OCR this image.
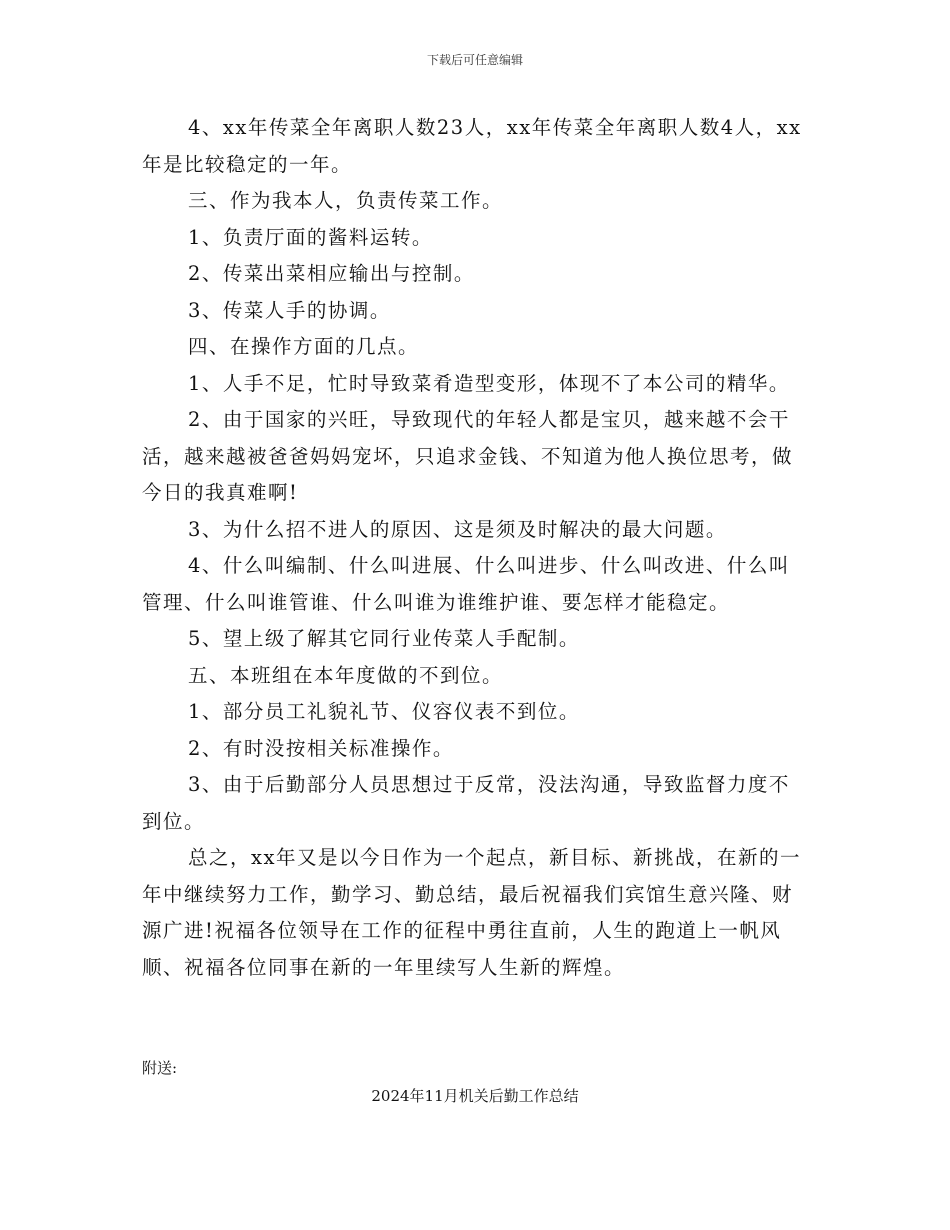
下载后可任意编辑

4、xx年传菜全年离职人数23人，xx年传菜全年离职人数4人，xx年是比较稳定的一年。

三、作为我本人，负责传菜工作。

1、负责厅面的酱料运转。

2、传菜出菜相应输出与控制。

3、传菜人手的协调。

四、在操作方面的几点。

1、人手不足，忙时导致菜肴造型变形，体现不了本公司的精华。

2、由于国家的兴旺，导致现代的年轻人都是宝贝，越来越不会干活，越来越被爸爸妈妈宠坏，只追求金钱、不知道为他人换位思考，做今日的我真难啊!

3、为什么招不进人的原因、这是须及时解决的最大问题。

4、什么叫编制、什么叫进展、什么叫进步、什么叫改进、什么叫管理、什么叫谁管谁、什么叫谁为谁维护谁、要怎样才能稳定。

5、望上级了解其它同行业传菜人手配制。

五、本班组在本年度做的不到位。

1、部分员工礼貌礼节、仪容仪表不到位。

2、有时没按相关标准操作。

3、由于后勤部分人员思想过于反常，没法沟通，导致监督力度不到位。

总之，xx年又是以今日作为一个起点，新目标、新挑战，在新的一年中继续努力工作，勤学习、勤总结，最后祝福我们宾馆生意兴隆、财源广进!祝福各位领导在工作的征程中勇往直前，人生的跑道上一帆风顺、祝福各位同事在新的一年里续写人生新的辉煌。

附送:
2024年11月机关后勤工作总结
